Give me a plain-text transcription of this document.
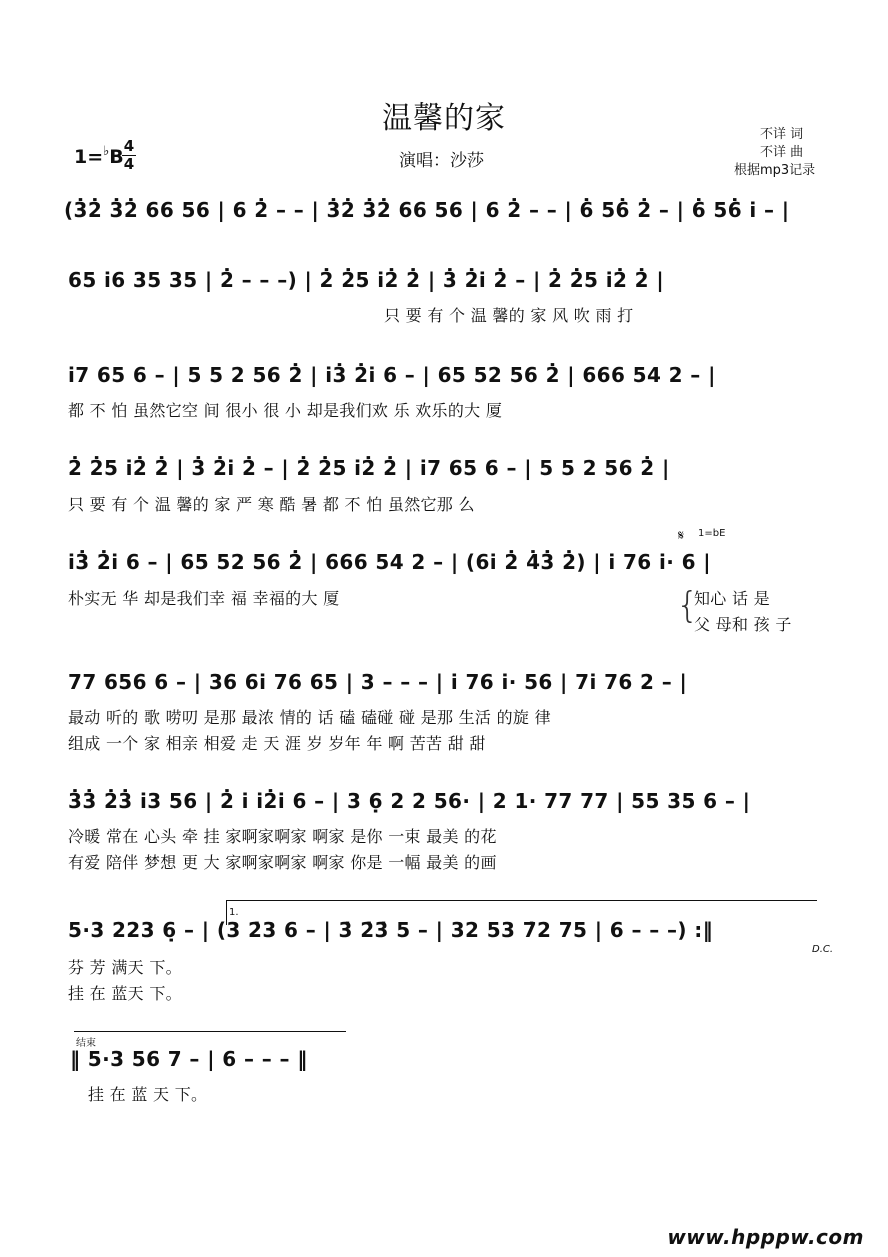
温馨的家
1=♭B 4
4	演唱：沙莎
不详 词
不详 曲
根据mp3记录
(3̇2̇ 3̇2̇ 66 56 | 6 2̇ – – | 3̇2̇ 3̇2̇ 66 56 | 6 2̇ – – | 6̇ 56̇ 2̇ – | 6̇ 56̇ i – |
65 i6 35 35 | 2̇ – – –) | 2̇ 2̇5 i2̇ 2̇ | 3̇ 2̇i 2̇ – | 2̇ 2̇5 i2̇ 2̇ |
只 要 有 个 温 馨的 家 风 吹 雨 打
i7 65 6 – | 5 5 2 56 2̇ | i3̇ 2̇i 6 – | 65 52 56 2̇ | 666 54 2 – |
都 不 怕 虽然它空 间 很小 很 小 却是我们欢 乐 欢乐的大 厦
2̇ 2̇5 i2̇ 2̇ | 3̇ 2̇i 2̇ – | 2̇ 2̇5 i2̇ 2̇ | i7 65 6 – | 5 5 2 56 2̇ |
只 要 有 个 温 馨的 家 严 寒 酷 暑 都 不 怕 虽然它那 么
𝄋 1=bE
i3̇ 2̇i 6 – | 65 52 56 2̇ | 666 54 2 – | (6i 2̇ 4̇3̇ 2̇) | i 76 i· 6 |
朴实无 华 却是我们幸 福 幸福的大 厦	{
知心 话 是
父 母和 孩 子
77 656 6 – | 36 6i 76 65 | 3 – – – | i 76 i· 56 | 7i 76 2 – |
最动 听的 歌 唠叨 是那 最浓 情的 话 磕 磕碰 碰 是那 生活 的旋 律
组成 一个 家 相亲 相爱 走 天 涯 岁 岁年 年 啊 苦苦 甜 甜
3̇3̇ 2̇3̇ i3 56 | 2̇ i i2̇i 6 – | 3 6̣ 2 2 56· | 2 1· 77 77 | 55 35 6 – |
冷暖 常在 心头 牵 挂 家啊家啊家 啊家 是你 一束 最美 的花
有爱 陪伴 梦想 更 大 家啊家啊家 啊家 你是 一幅 最美 的画
1.
5·3 223 6̣ – | (3 2̇3 6 – | 3̇ 2̇3̇ 5 – | 32 53 7̇2 75 | 6 – – –) :‖
D.C.
芬 芳 满天 下。
挂 在 蓝天 下。
结束
‖ 5·3 56 7 – | 6 – – – ‖
挂 在 蓝 天 下。
www.hpppw.com
